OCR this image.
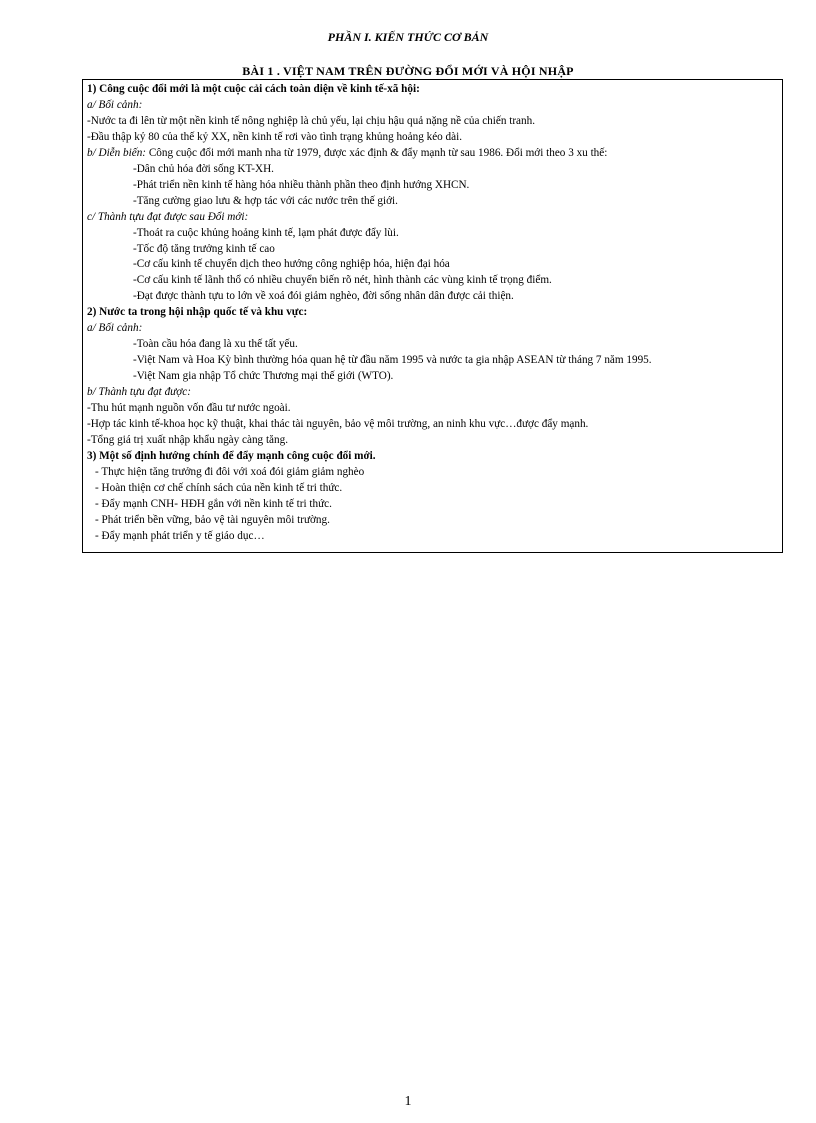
PHẦN I. KIẾN THỨC CƠ BẢN
BÀI 1 . VIỆT NAM TRÊN ĐƯỜNG ĐỔI MỚI VÀ HỘI NHẬP
1) Công cuộc đổi mới là một cuộc cải cách toàn diện về kinh tế-xã hội:
a/ Bối cảnh:
-Nước ta đi lên từ một nền kinh tế nông nghiệp là chủ yếu, lại chịu hậu quả nặng nề của chiến tranh.
-Đầu thập kỷ 80 của thế kỷ XX, nền kinh tế rơi vào tình trạng khủng hoảng kéo dài.
b/ Diễn biến: Công cuộc đổi mới manh nha từ 1979, được xác định & đẩy mạnh từ sau 1986. Đổi mới theo 3 xu thế:
-Dân chủ hóa đời sống KT-XH.
-Phát triển nền kinh tế hàng hóa nhiều thành phần theo định hướng XHCN.
-Tăng cường giao lưu & hợp tác với các nước trên thế giới.
c/ Thành tựu đạt được sau Đổi mới:
-Thoát ra cuộc khủng hoảng kinh tế, lạm phát được đẩy lùi.
-Tốc độ tăng trưởng kinh tế cao
-Cơ cấu kinh tế chuyển dịch theo hướng công nghiệp hóa, hiện đại hóa
-Cơ cấu kinh tế lãnh thổ có nhiều chuyển biến rõ nét, hình thành các vùng kinh tế trọng điểm.
-Đạt được thành tựu to lớn về xoá đói giảm nghèo, đời sống nhân dân được cải thiện.
2) Nước ta trong hội nhập quốc tế và khu vực:
a/ Bối cảnh:
-Toàn cầu hóa đang là xu thế tất yếu.
-Việt Nam và Hoa Kỳ bình thường hóa quan hệ từ đầu năm 1995 và nước ta gia nhập ASEAN từ tháng 7 năm 1995.
-Việt Nam gia nhập Tổ chức Thương mại thế giới (WTO).
b/ Thành tựu đạt được:
-Thu hút mạnh nguồn vốn đầu tư nước ngoài.
-Hợp tác kinh tế-khoa học kỹ thuật, khai thác tài nguyên, bảo vệ môi trường, an ninh khu vực…được đẩy mạnh.
-Tổng giá trị xuất nhập khẩu ngày càng tăng.
3) Một số định hướng chính để đẩy mạnh công cuộc đổi mới.
- Thực hiện tăng trưởng đi đôi với xoá đói giảm giảm nghèo
- Hoàn thiện cơ chế chính sách của nền kinh tế tri thức.
- Đẩy mạnh CNH- HĐH gắn với nền kinh tế tri thức.
- Phát triển bền vững, bảo vệ tài nguyên môi trường.
- Đẩy mạnh phát triển y tế giáo dục…
1
